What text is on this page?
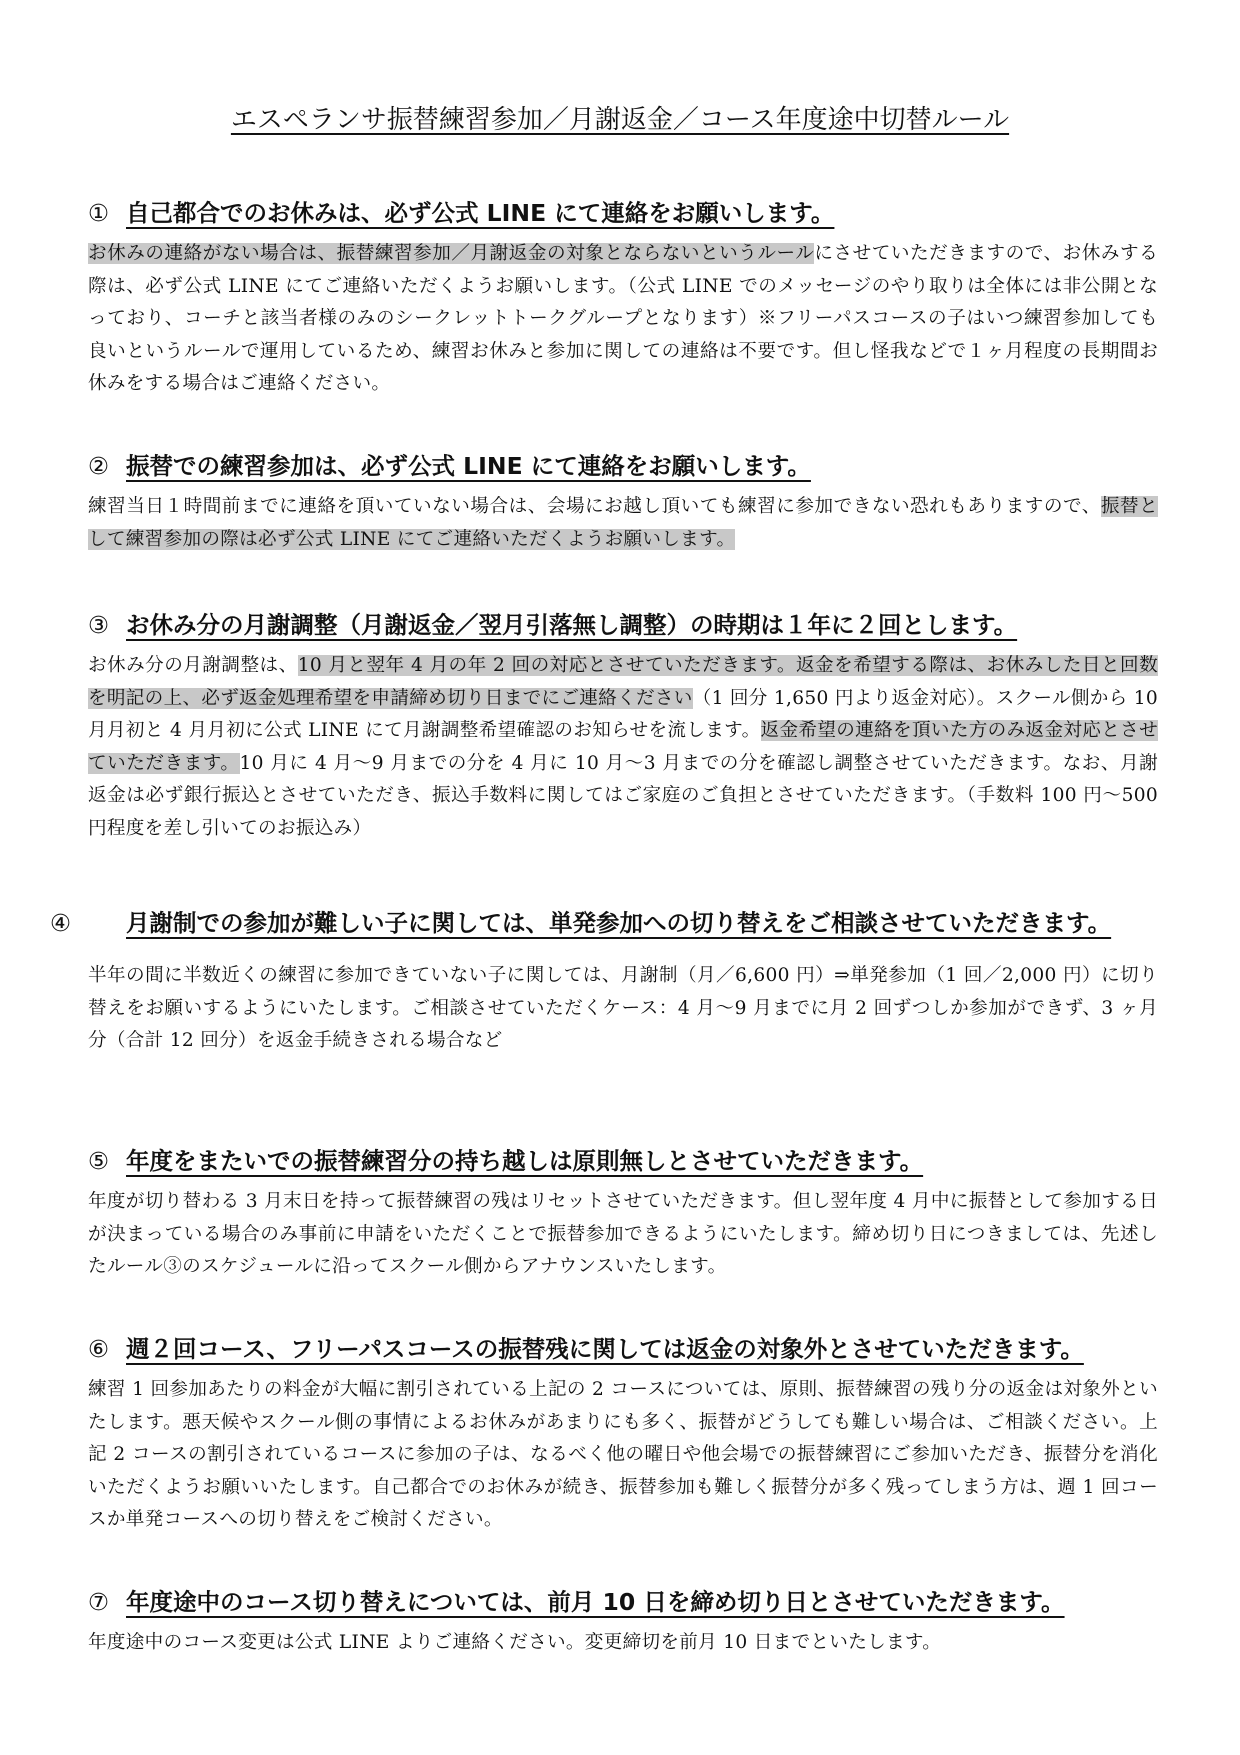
エスペランサ振替練習参加／月謝返金／コース年度途中切替ルール
① 自己都合でのお休みは、必ず公式 LINE にて連絡をお願いします。

お休みの連絡がない場合は、振替練習参加／月謝返金の対象とならないというルールにさせていただきますので、お休みする際は、必ず公式 LINE にてご連絡いただくようお願いします。（公式 LINE でのメッセージのやり取りは全体には非公開となっており、コーチと該当者様のみのシークレットトークグループとなります）※フリーパスコースの子はいつ練習参加しても良いというルールで運用しているため、練習お休みと参加に関しての連絡は不要です。但し怪我などで１ヶ月程度の長期間お休みをする場合はご連絡ください。

② 振替での練習参加は、必ず公式 LINE にて連絡をお願いします。

練習当日１時間前までに連絡を頂いていない場合は、会場にお越し頂いても練習に参加できない恐れもありますので、振替として練習参加の際は必ず公式 LINE にてご連絡いただくようお願いします。

③ お休み分の月謝調整（月謝返金／翌月引落無し調整）の時期は１年に２回とします。

お休み分の月謝調整は、10 月と翌年 4 月の年 2 回の対応とさせていただきます。返金を希望する際は、お休みした日と回数を明記の上、必ず返金処理希望を申請締め切り日までにご連絡ください（1 回分 1,650 円より返金対応）。スクール側から 10 月月初と 4 月月初に公式 LINE にて月謝調整希望確認のお知らせを流します。返金希望の連絡を頂いた方のみ返金対応とさせていただきます。10 月に 4 月～9 月までの分を 4 月に 10 月～3 月までの分を確認し調整させていただきます。なお、月謝返金は必ず銀行振込とさせていただき、振込手数料に関してはご家庭のご負担とさせていただきます。（手数料 100 円～500 円程度を差し引いてのお振込み）

④ 月謝制での参加が難しい子に関しては、単発参加への切り替えをご相談させていただきます。

半年の間に半数近くの練習に参加できていない子に関しては、月謝制（月／6,600 円）⇒単発参加（1 回／2,000 円）に切り替えをお願いするようにいたします。ご相談させていただくケース：4 月～9 月までに月 2 回ずつしか参加ができず、3 ヶ月分（合計 12 回分）を返金手続きされる場合など

⑤ 年度をまたいでの振替練習分の持ち越しは原則無しとさせていただきます。

年度が切り替わる 3 月末日を持って振替練習の残はリセットさせていただきます。但し翌年度 4 月中に振替として参加する日が決まっている場合のみ事前に申請をいただくことで振替参加できるようにいたします。締め切り日につきましては、先述したルール③のスケジュールに沿ってスクール側からアナウンスいたします。

⑥ 週２回コース、フリーパスコースの振替残に関しては返金の対象外とさせていただきます。

練習 1 回参加あたりの料金が大幅に割引されている上記の 2 コースについては、原則、振替練習の残り分の返金は対象外といたします。悪天候やスクール側の事情によるお休みがあまりにも多く、振替がどうしても難しい場合は、ご相談ください。上記 2 コースの割引されているコースに参加の子は、なるべく他の曜日や他会場での振替練習にご参加いただき、振替分を消化いただくようお願いいたします。自己都合でのお休みが続き、振替参加も難しく振替分が多く残ってしまう方は、週 1 回コースか単発コースへの切り替えをご検討ください。

⑦ 年度途中のコース切り替えについては、前月 10 日を締め切り日とさせていただきます。

年度途中のコース変更は公式 LINE よりご連絡ください。変更締切を前月 10 日までといたします。
